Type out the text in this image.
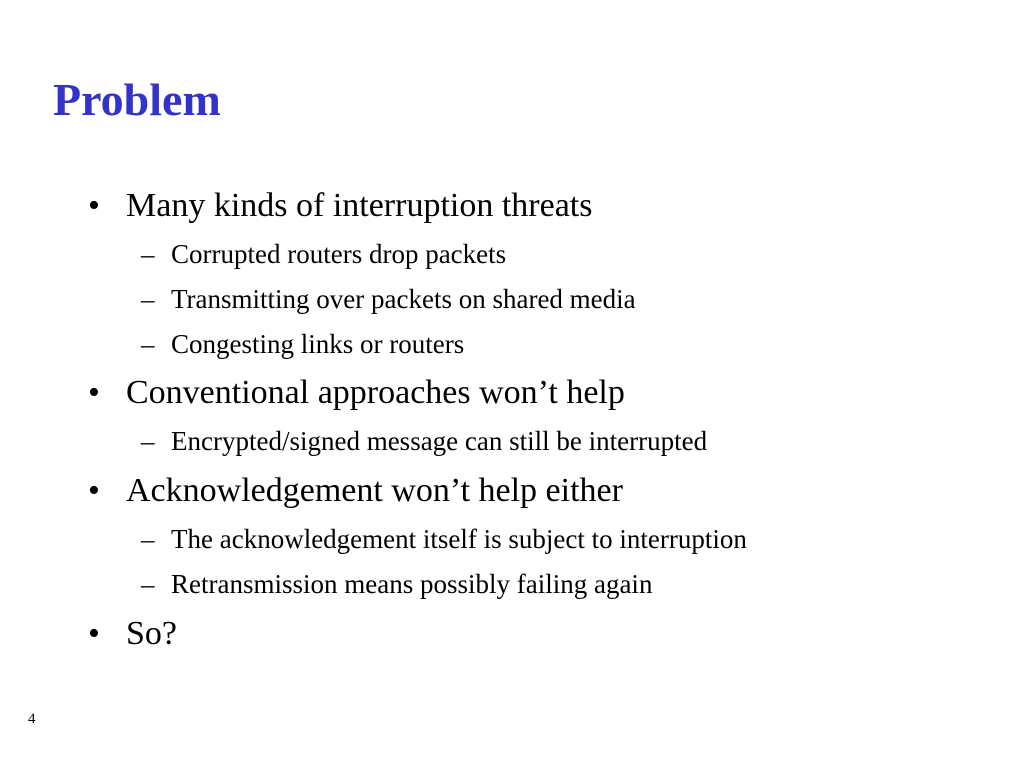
Problem
• Many kinds of interruption threats
– Corrupted routers drop packets
– Transmitting over packets on shared media
– Congesting links or routers
• Conventional approaches won’t help
– Encrypted/signed message can still be interrupted
• Acknowledgement won’t help either
– The acknowledgement itself is subject to interruption
– Retransmission means possibly failing again
• So?
4
